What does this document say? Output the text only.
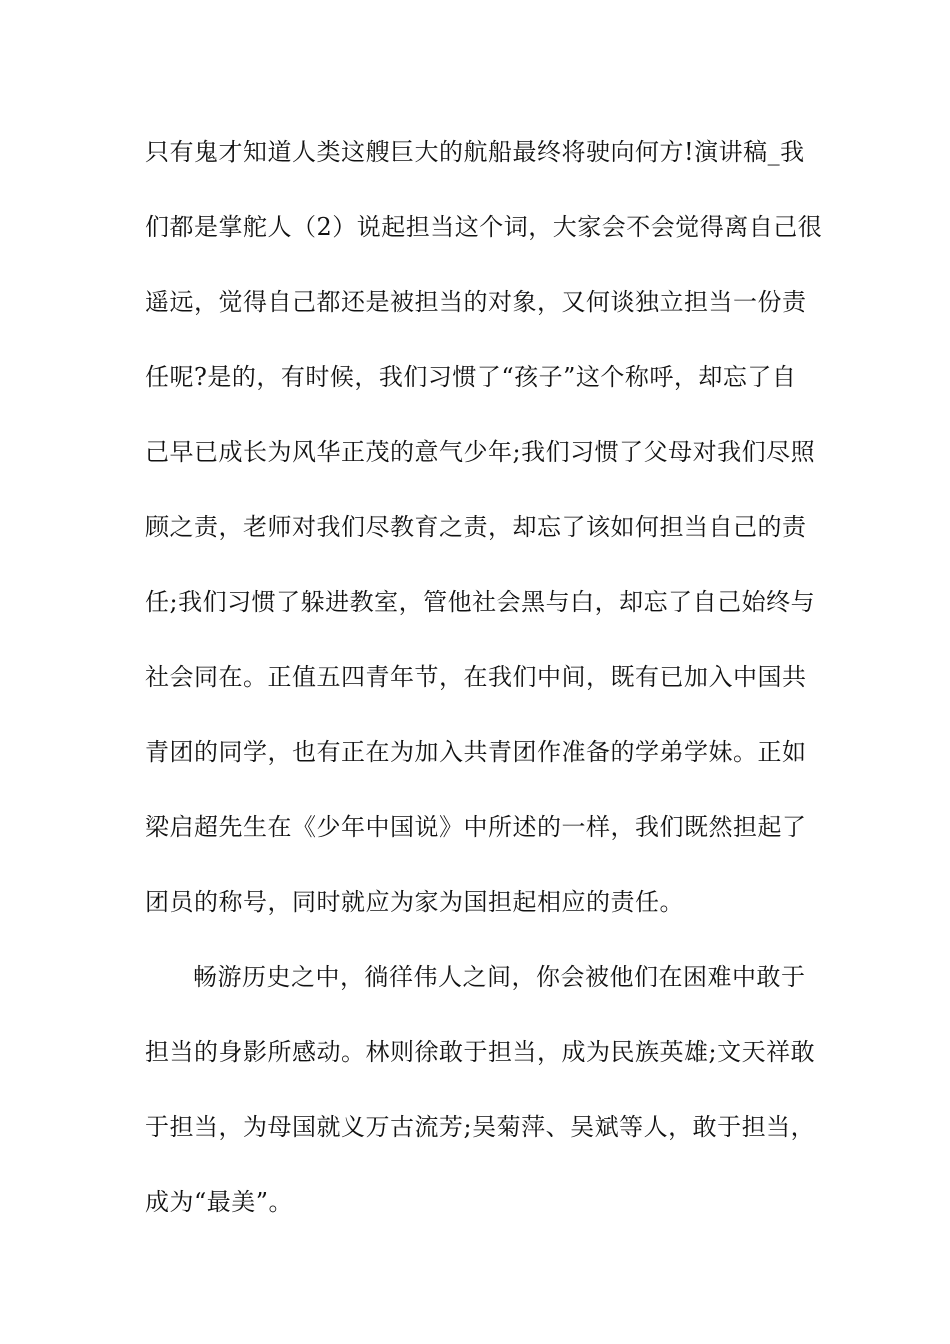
只有鬼才知道人类这艘巨大的航船最终将驶向何方!演讲稿_我
们都是掌舵人（2）说起担当这个词，大家会不会觉得离自己很
遥远，觉得自己都还是被担当的对象，又何谈独立担当一份责
任呢?是的，有时候，我们习惯了“孩子”这个称呼，却忘了自
己早已成长为风华正茂的意气少年;我们习惯了父母对我们尽照
顾之责，老师对我们尽教育之责，却忘了该如何担当自己的责
任;我们习惯了躲进教室，管他社会黑与白，却忘了自己始终与
社会同在。正值五四青年节，在我们中间，既有已加入中国共
青团的同学，也有正在为加入共青团作准备的学弟学妹。正如
梁启超先生在《少年中国说》中所述的一样，我们既然担起了
团员的称号，同时就应为家为国担起相应的责任。
畅游历史之中，徜徉伟人之间，你会被他们在困难中敢于
担当的身影所感动。林则徐敢于担当，成为民族英雄;文天祥敢
于担当，为母国就义万古流芳;吴菊萍、吴斌等人，敢于担当，
成为“最美”。
